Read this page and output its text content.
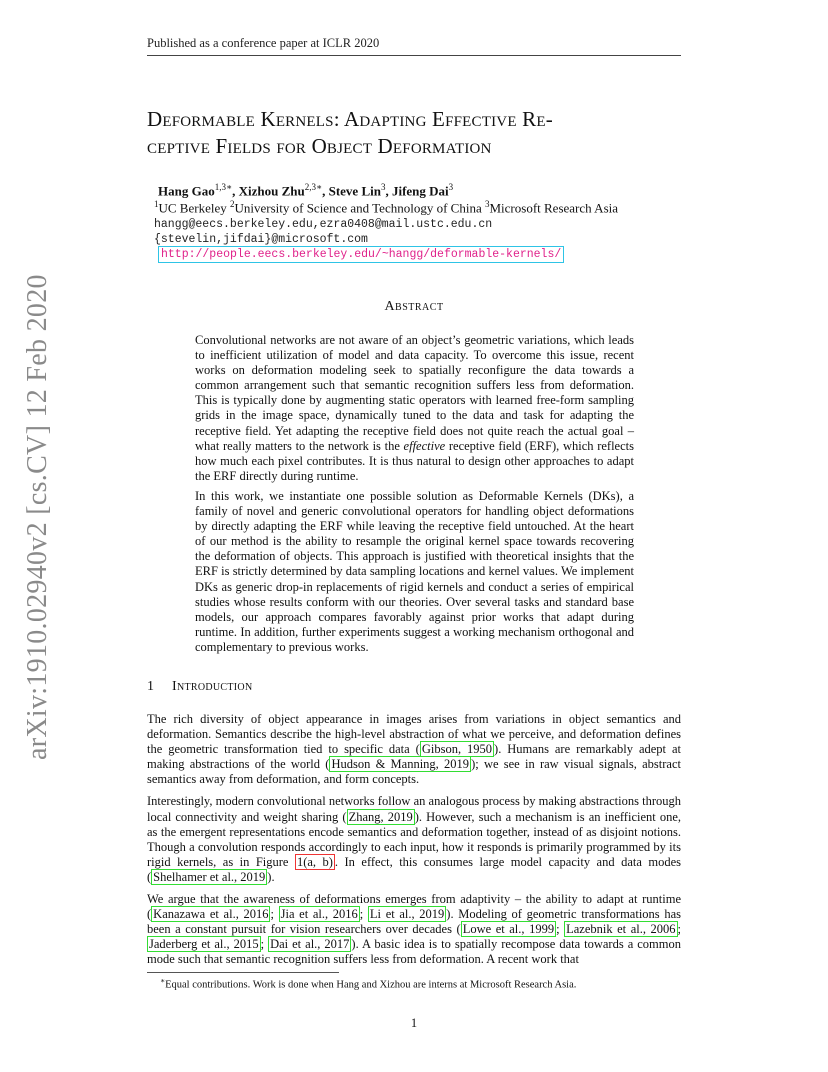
Published as a conference paper at ICLR 2020
arXiv:1910.02940v2 [cs.CV] 12 Feb 2020
Deformable Kernels: Adapting Effective Re-
ceptive Fields for Object Deformation
Hang Gao$^{1,3∗}$, Xizhou Zhu$^{2,3∗}$, Steve Lin$^3$, Jifeng Dai$^3$
$^1$UC Berkeley $^2$University of Science and Technology of China $^3$Microsoft Research Asia
hangg@eecs.berkeley.edu,ezra0408@mail.ustc.edu.cn
{stevelin,jifdai}@microsoft.com
http://people.eecs.berkeley.edu/~hangg/deformable-kernels/
Abstract

Convolutional networks are not aware of an object’s geometric variations, which leads to inefficient utilization of model and data capacity. To overcome this issue, recent works on deformation modeling seek to spatially reconfigure the data towards a common arrangement such that semantic recognition suffers less from deformation. This is typically done by augmenting static operators with learned free-form sampling grids in the image space, dynamically tuned to the data and task for adapting the receptive field. Yet adapting the receptive field does not quite reach the actual goal – what really matters to the network is the effective receptive field (ERF), which reflects how much each pixel contributes. It is thus natural to design other approaches to adapt the ERF directly during runtime.

In this work, we instantiate one possible solution as Deformable Kernels (DKs), a family of novel and generic convolutional operators for handling object deformations by directly adapting the ERF while leaving the receptive field untouched. At the heart of our method is the ability to resample the original kernel space towards recovering the deformation of objects. This approach is justified with theoretical insights that the ERF is strictly determined by data sampling locations and kernel values. We implement DKs as generic drop-in replacements of rigid kernels and conduct a series of empirical studies whose results conform with our theories. Over several tasks and standard base models, our approach compares favorably against prior works that adapt during runtime. In addition, further experiments suggest a working mechanism orthogonal and complementary to previous works.

1 Introduction

The rich diversity of object appearance in images arises from variations in object semantics and deformation. Semantics describe the high-level abstraction of what we perceive, and deformation defines the geometric transformation tied to specific data ( Gibson, 1950 ). Humans are remarkably adept at making abstractions of the world ( Hudson & Manning, 2019 ); we see in raw visual signals, abstract semantics away from deformation, and form concepts.

Interestingly, modern convolutional networks follow an analogous process by making abstractions through local connectivity and weight sharing ( Zhang, 2019 ). However, such a mechanism is an inefficient one, as the emergent representations encode semantics and deformation together, instead of as disjoint notions. Though a convolution responds accordingly to each input, how it responds is primarily programmed by its rigid kernels, as in Figure 1(a, b) . In effect, this consumes large model capacity and data modes ( Shelhamer et al., 2019 ).

We argue that the awareness of deformations emerges from adaptivity – the ability to adapt at runtime ( Kanazawa et al., 2016 ; Jia et al., 2016 ; Li et al., 2019 ). Modeling of geometric transformations has been a constant pursuit for vision researchers over decades ( Lowe et al., 1999 ; Lazebnik et al., 2006 ; Jaderberg et al., 2015 ; Dai et al., 2017 ). A basic idea is to spatially recompose data towards a common mode such that semantic recognition suffers less from deformation. A recent work that

∗Equal contributions. Work is done when Hang and Xizhou are interns at Microsoft Research Asia.
1
